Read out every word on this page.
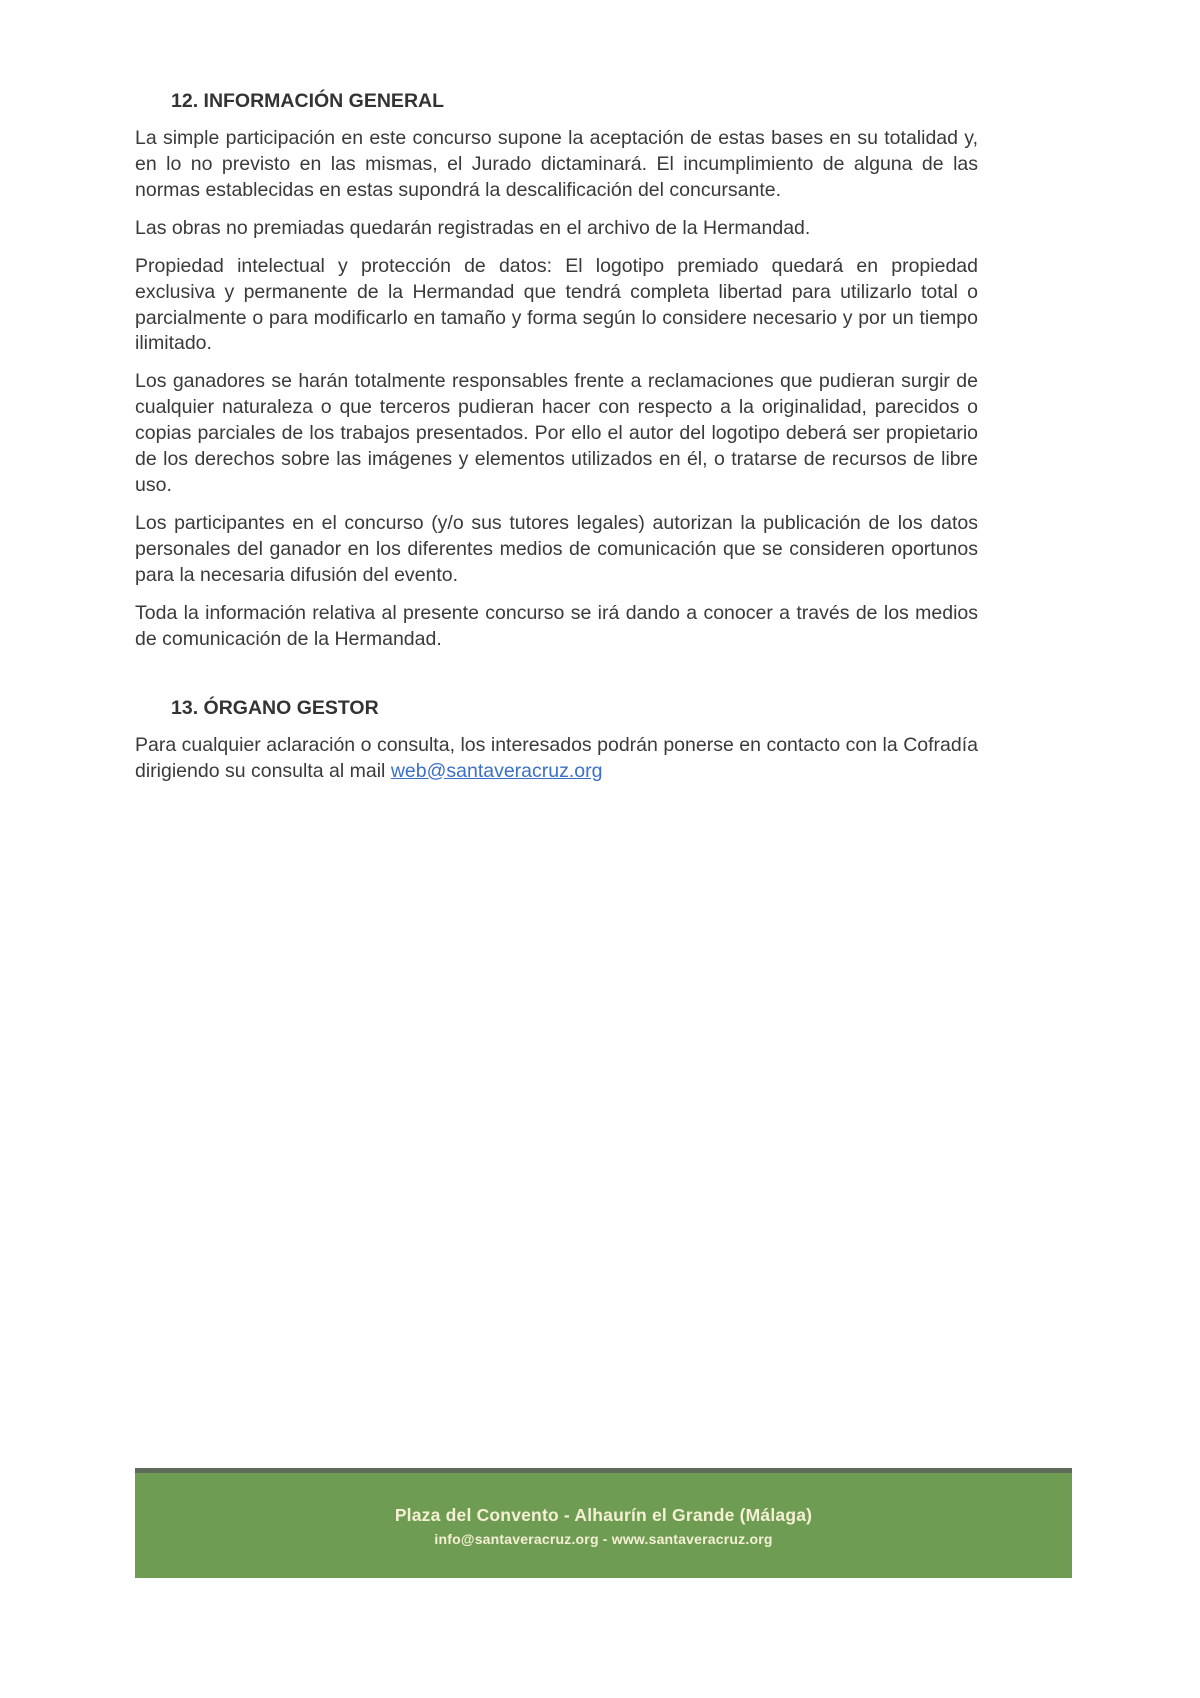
12. INFORMACIÓN GENERAL

La simple participación en este concurso supone la aceptación de estas bases en su totalidad y, en lo no previsto en las mismas, el Jurado dictaminará. El incumplimiento de alguna de las normas establecidas en estas supondrá la descalificación del concursante.

Las obras no premiadas quedarán registradas en el archivo de la Hermandad.

Propiedad intelectual y protección de datos: El logotipo premiado quedará en propiedad exclusiva y permanente de la Hermandad que tendrá completa libertad para utilizarlo total o parcialmente o para modificarlo en tamaño y forma según lo considere necesario y por un tiempo ilimitado.

Los ganadores se harán totalmente responsables frente a reclamaciones que pudieran surgir de cualquier naturaleza o que terceros pudieran hacer con respecto a la originalidad, parecidos o copias parciales de los trabajos presentados. Por ello el autor del logotipo deberá ser propietario de los derechos sobre las imágenes y elementos utilizados en él, o tratarse de recursos de libre uso.

Los participantes en el concurso (y/o sus tutores legales) autorizan la publicación de los datos personales del ganador en los diferentes medios de comunicación que se consideren oportunos para la necesaria difusión del evento.

Toda la información relativa al presente concurso se irá dando a conocer a través de los medios de comunicación de la Hermandad.

13. ÓRGANO GESTOR

Para cualquier aclaración o consulta, los interesados podrán ponerse en contacto con la Cofradía dirigiendo su consulta al mail web@santaveracruz.org

Plaza del Convento - Alhaurín el Grande (Málaga)
info@santaveracruz.org - www.santaveracruz.org
